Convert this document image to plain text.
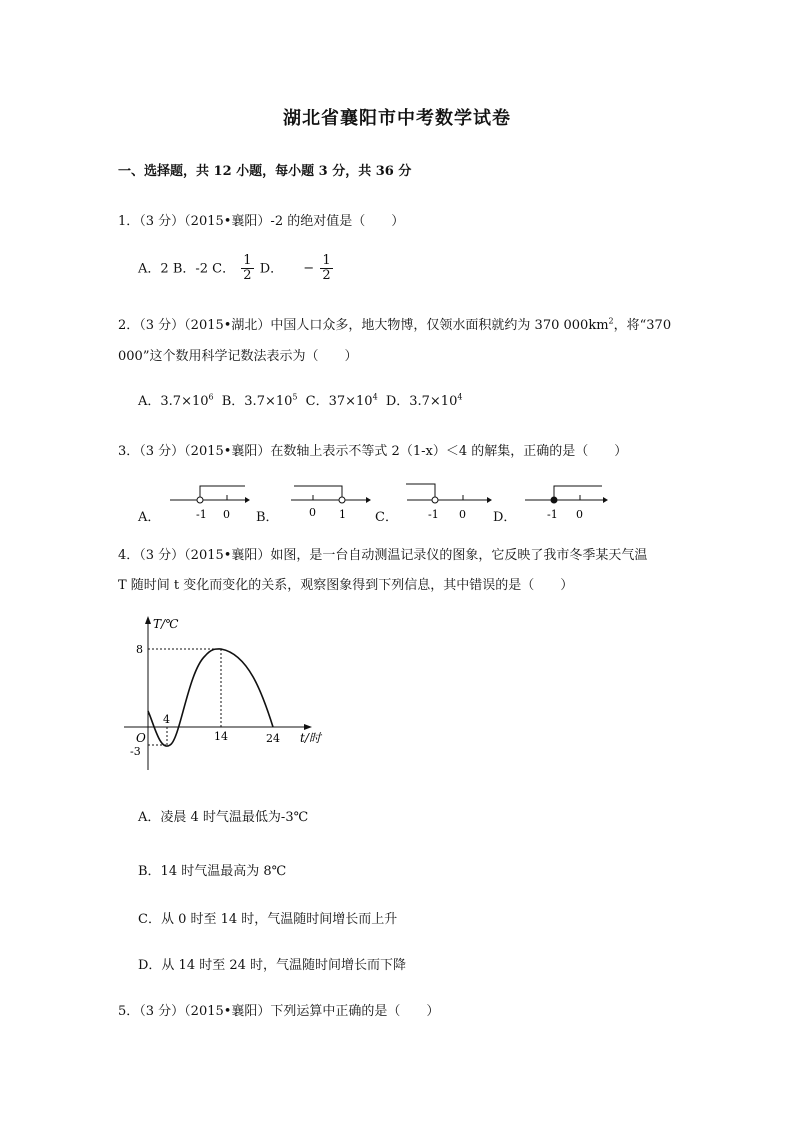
湖北省襄阳市中考数学试卷
一、选择题，共 12 小题，每小题 3 分，共 36 分
1．（3 分）（2015•襄阳）-2 的绝对值是（　　）
A．2 B．-2 C． $\frac{1}{2}$ D． − $\frac{1}{2}$
2．（3 分）（2015•湖北）中国人口众多，地大物博，仅领水面积就约为 370 $000km^2$，将“370
000”这个数用科学记数法表示为（　　）
A．$3.7\times 10^6$ B．$3.7\times 10^5$ C．$37\times 10^4$ D．$3.7\times 10^4$
3．（3 分）（2015•襄阳）在数轴上表示不等式 2（1-x）＜4 的解集，正确的是（　　）
A．	-1 0 B．	0 1 C．	-1 0 D．	-1 0
4．（3 分）（2015•襄阳）如图，是一台自动测温记录仪的图象，它反映了我市冬季某天气温
T 随时间 t 变化而变化的关系，观察图象得到下列信息，其中错误的是（　　）
T/℃
t/时
O
8
4
-3
14	24
A．凌晨 4 时气温最低为-3℃
B．14 时气温最高为 8℃
C．从 0 时至 14 时，气温随时间增长而上升
D．从 14 时至 24 时，气温随时间增长而下降
5．（3 分）（2015•襄阳）下列运算中正确的是（　　）
